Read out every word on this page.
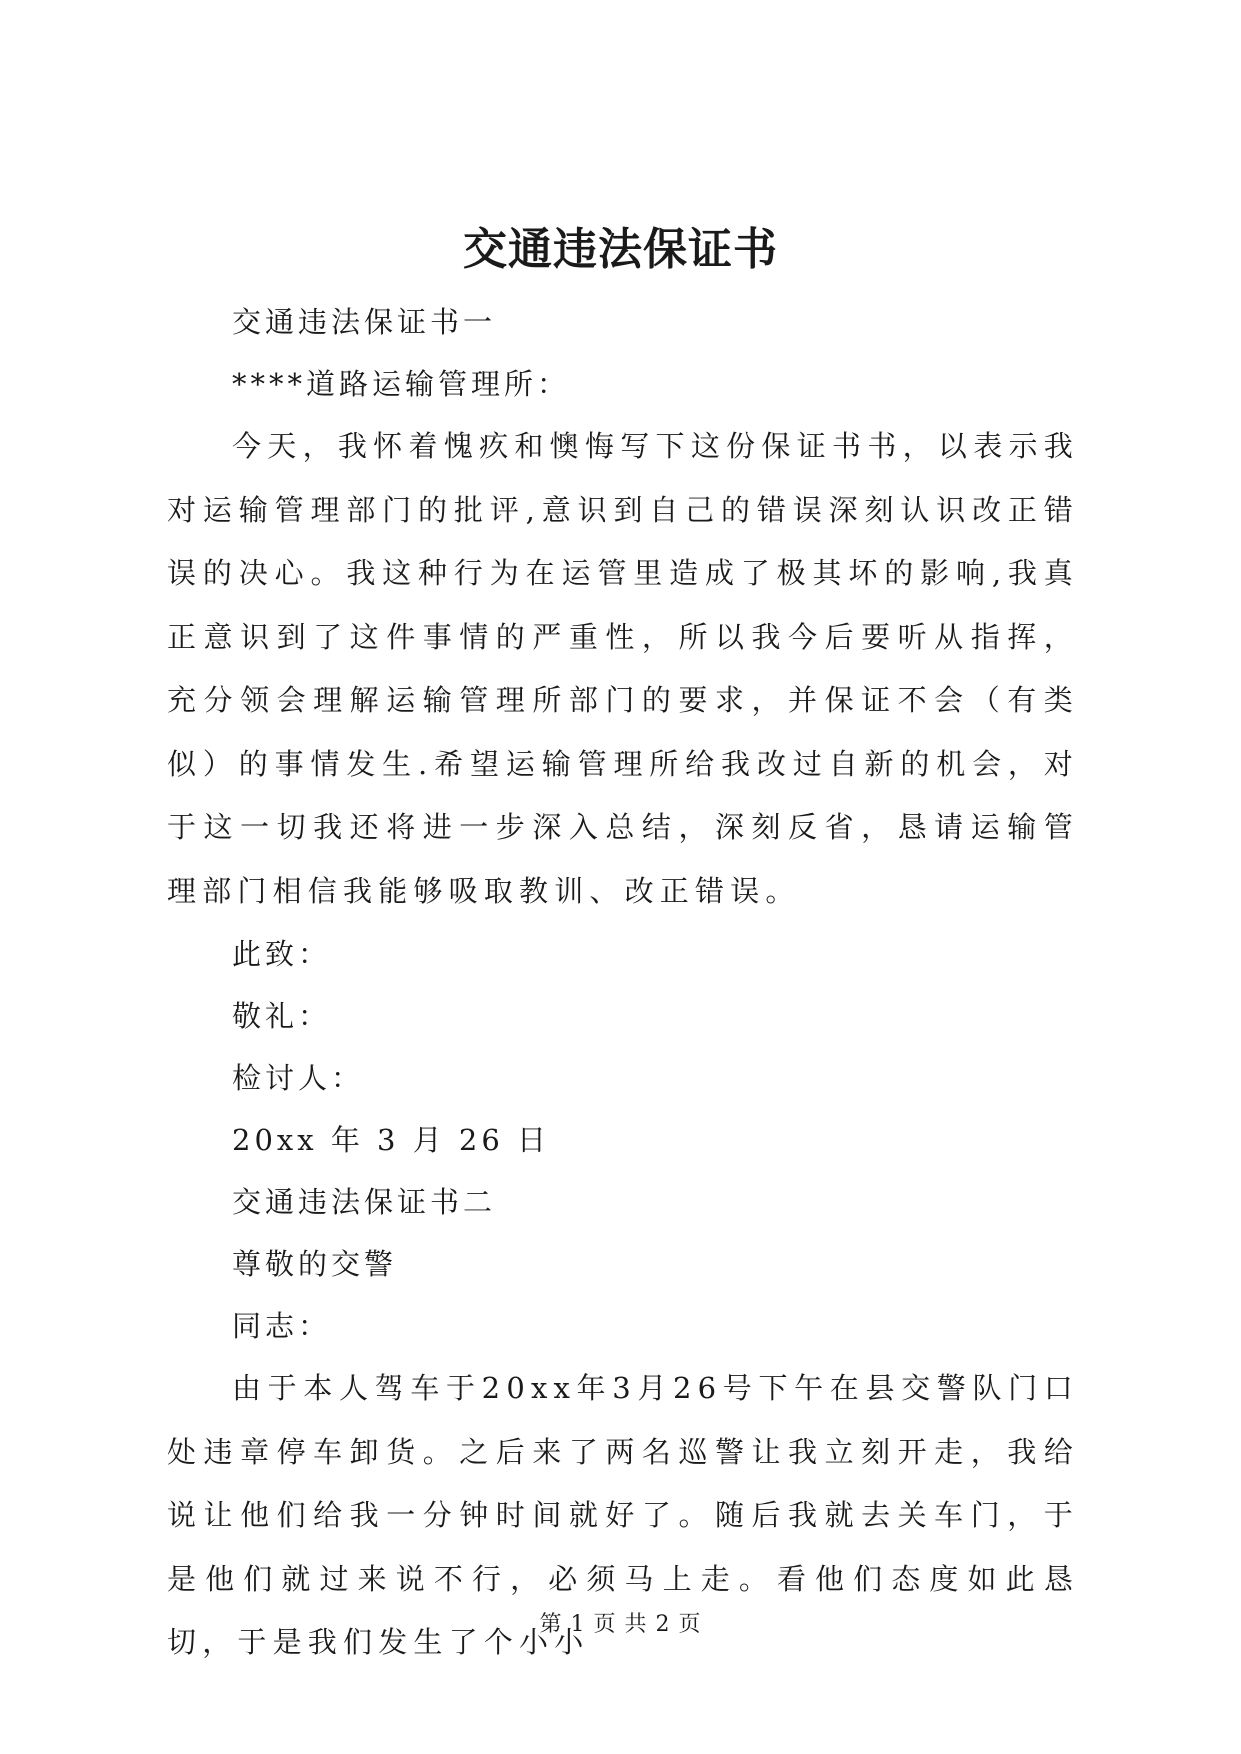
交通违法保证书
交通违法保证书一
****道路运输管理所：

今天，我怀着愧疚和懊悔写下这份保证书书，以表示我对运输管理部门的批评,意识到自己的错误深刻认识改正错误的决心。我这种行为在运管里造成了极其坏的影响,我真正意识到了这件事情的严重性，所以我今后要听从指挥，充分领会理解运输管理所部门的要求，并保证不会（有类似）的事情发生.希望运输管理所给我改过自新的机会，对于这一切我还将进一步深入总结，深刻反省，恳请运输管理部门相信我能够吸取教训、改正错误。

此致：
敬礼：
检讨人：
20xx 年 3 月 26 日
交通违法保证书二
尊敬的交警
同志：

由于本人驾车于20xx年3月26号下午在县交警队门口处违章停车卸货。之后来了两名巡警让我立刻开走，我给说让他们给我一分钟时间就好了。随后我就去关车门，于是他们就过来说不行，必须马上走。看他们态度如此恳切，于是我们发生了个小小

第 1 页 共 2 页
